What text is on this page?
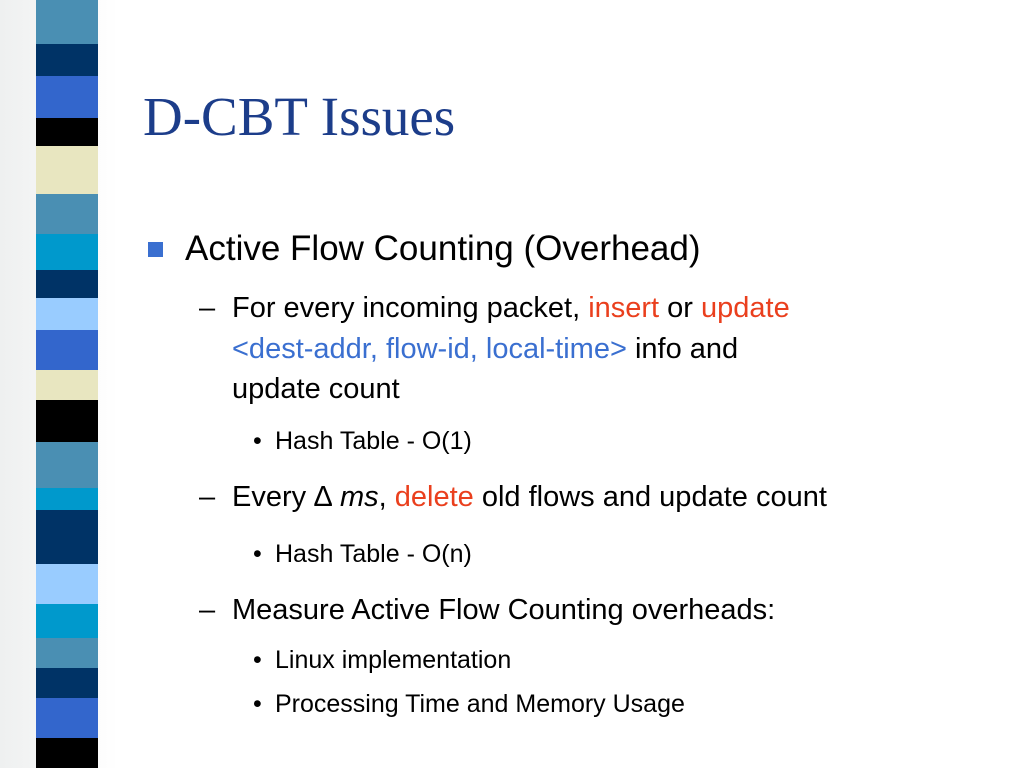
D-CBT Issues
Active Flow Counting (Overhead)
– For every incoming packet, insert or update
<dest-addr, flow-id, local-time> info and
update count
• Hash Table - O(1)
– Every ∆ ms, delete old flows and update count
• Hash Table - O(n)
– Measure Active Flow Counting overheads:
• Linux implementation
• Processing Time and Memory Usage
